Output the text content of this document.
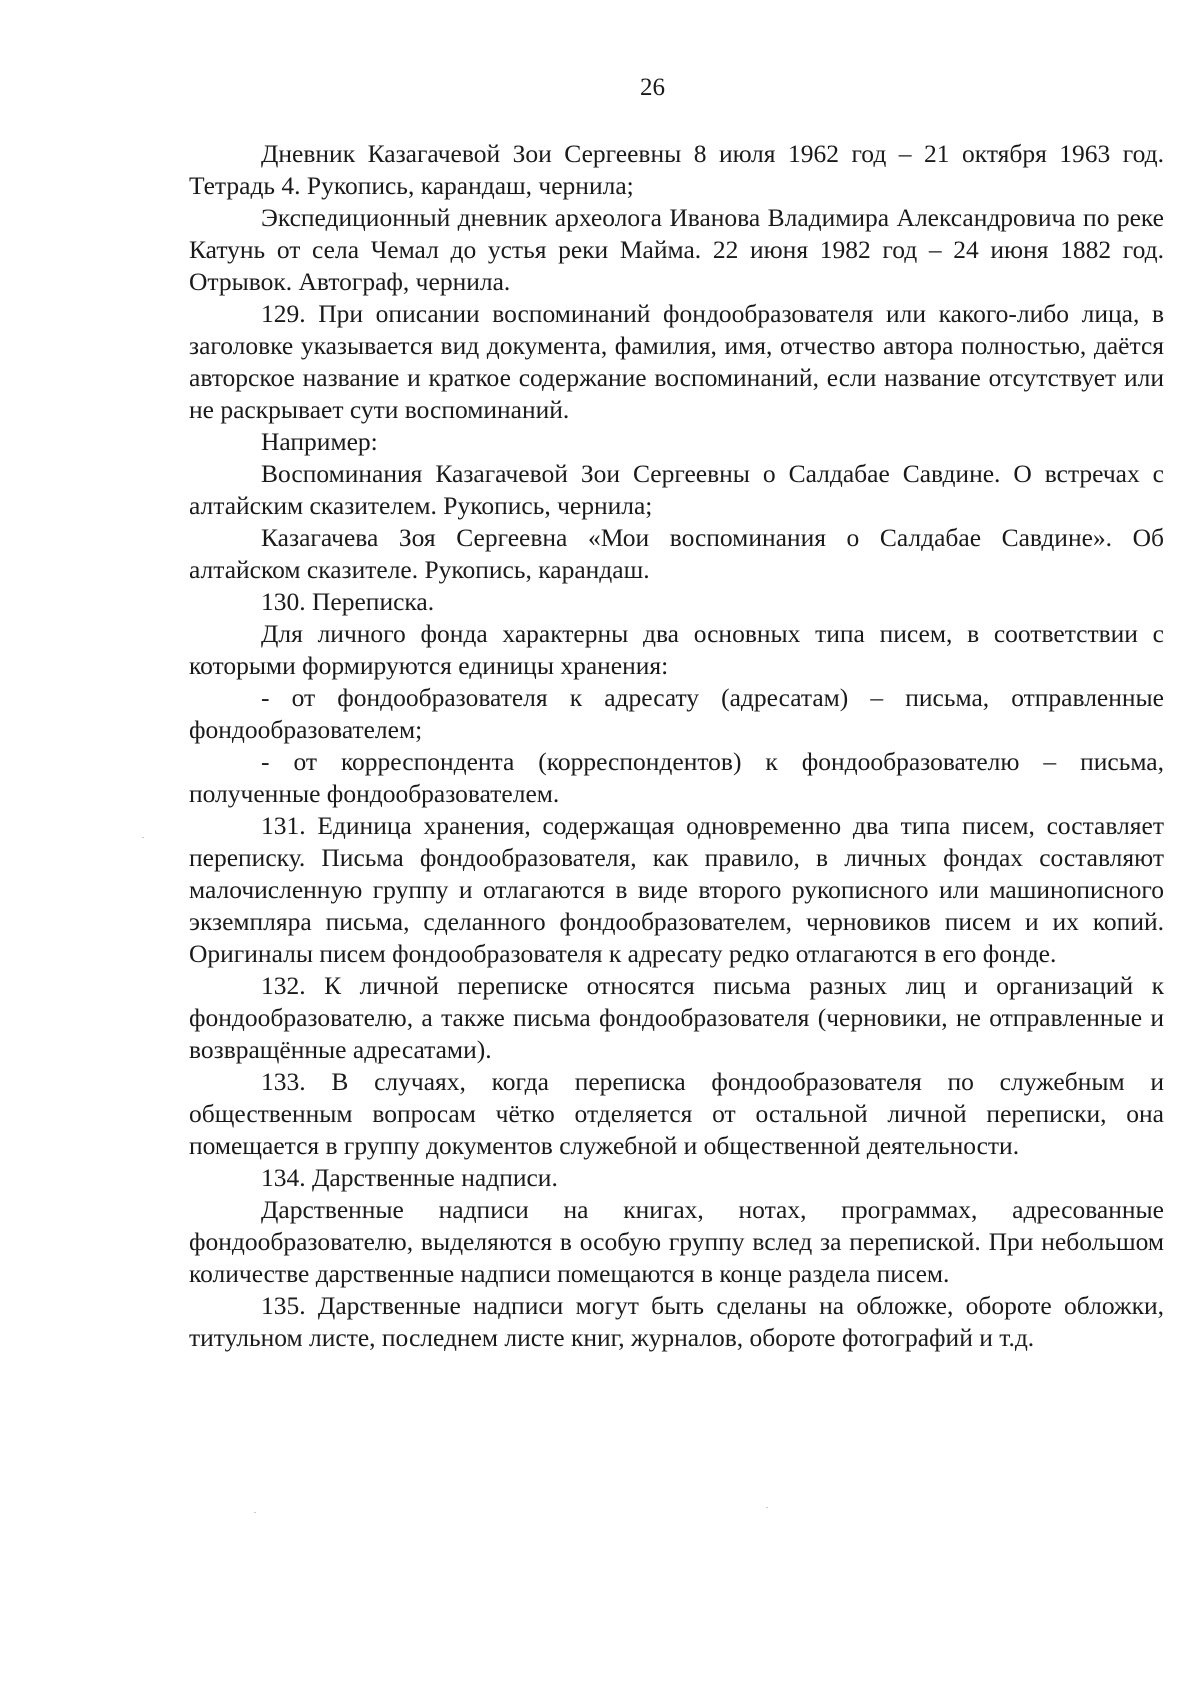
26

Дневник Казагачевой Зои Сергеевны 8 июля 1962 год – 21 октября 1963 год. Тетрадь 4. Рукопись, карандаш, чернила;

Экспедиционный дневник археолога Иванова Владимира Александровича по реке Катунь от села Чемал до устья реки Майма. 22 июня 1982 год – 24 июня 1882 год. Отрывок. Автограф, чернила.

129. При описании воспоминаний фондообразователя или какого-либо лица, в заголовке указывается вид документа, фамилия, имя, отчество автора полностью, даётся авторское название и краткое содержание воспоминаний, если название отсутствует или не раскрывает сути воспоминаний.

Например:

Воспоминания Казагачевой Зои Сергеевны о Салдабае Савдине. О встречах с алтайским сказителем. Рукопись, чернила;

Казагачева Зоя Сергеевна «Мои воспоминания о Салдабае Савдине». Об алтайском сказителе. Рукопись, карандаш.

130. Переписка.

Для личного фонда характерны два основных типа писем, в соответствии с которыми формируются единицы хранения:

- от фондообразователя к адресату (адресатам) – письма, отправленные фондообразователем;

- от корреспондента (корреспондентов) к фондообразователю – письма, полученные фондообразователем.

131. Единица хранения, содержащая одновременно два типа писем, составляет переписку. Письма фондообразователя, как правило, в личных фондах составляют малочисленную группу и отлагаются в виде второго рукописного или машинописного экземпляра письма, сделанного фондообразователем, черновиков писем и их копий. Оригиналы писем фондообразователя к адресату редко отлагаются в его фонде.

132. К личной переписке относятся письма разных лиц и организаций к фондообразователю, а также письма фондообразователя (черновики, не отправленные и возвращённые адресатами).

133. В случаях, когда переписка фондообразователя по служебным и общественным вопросам чётко отделяется от остальной личной переписки, она помещается в группу документов служебной и общественной деятельности.

134. Дарственные надписи.

Дарственные надписи на книгах, нотах, программах, адресованные фондообразователю, выделяются в особую группу вслед за перепиской. При небольшом количестве дарственные надписи помещаются в конце раздела писем.

135. Дарственные надписи могут быть сделаны на обложке, обороте обложки, титульном листе, последнем листе книг, журналов, обороте фотографий и т.д.
